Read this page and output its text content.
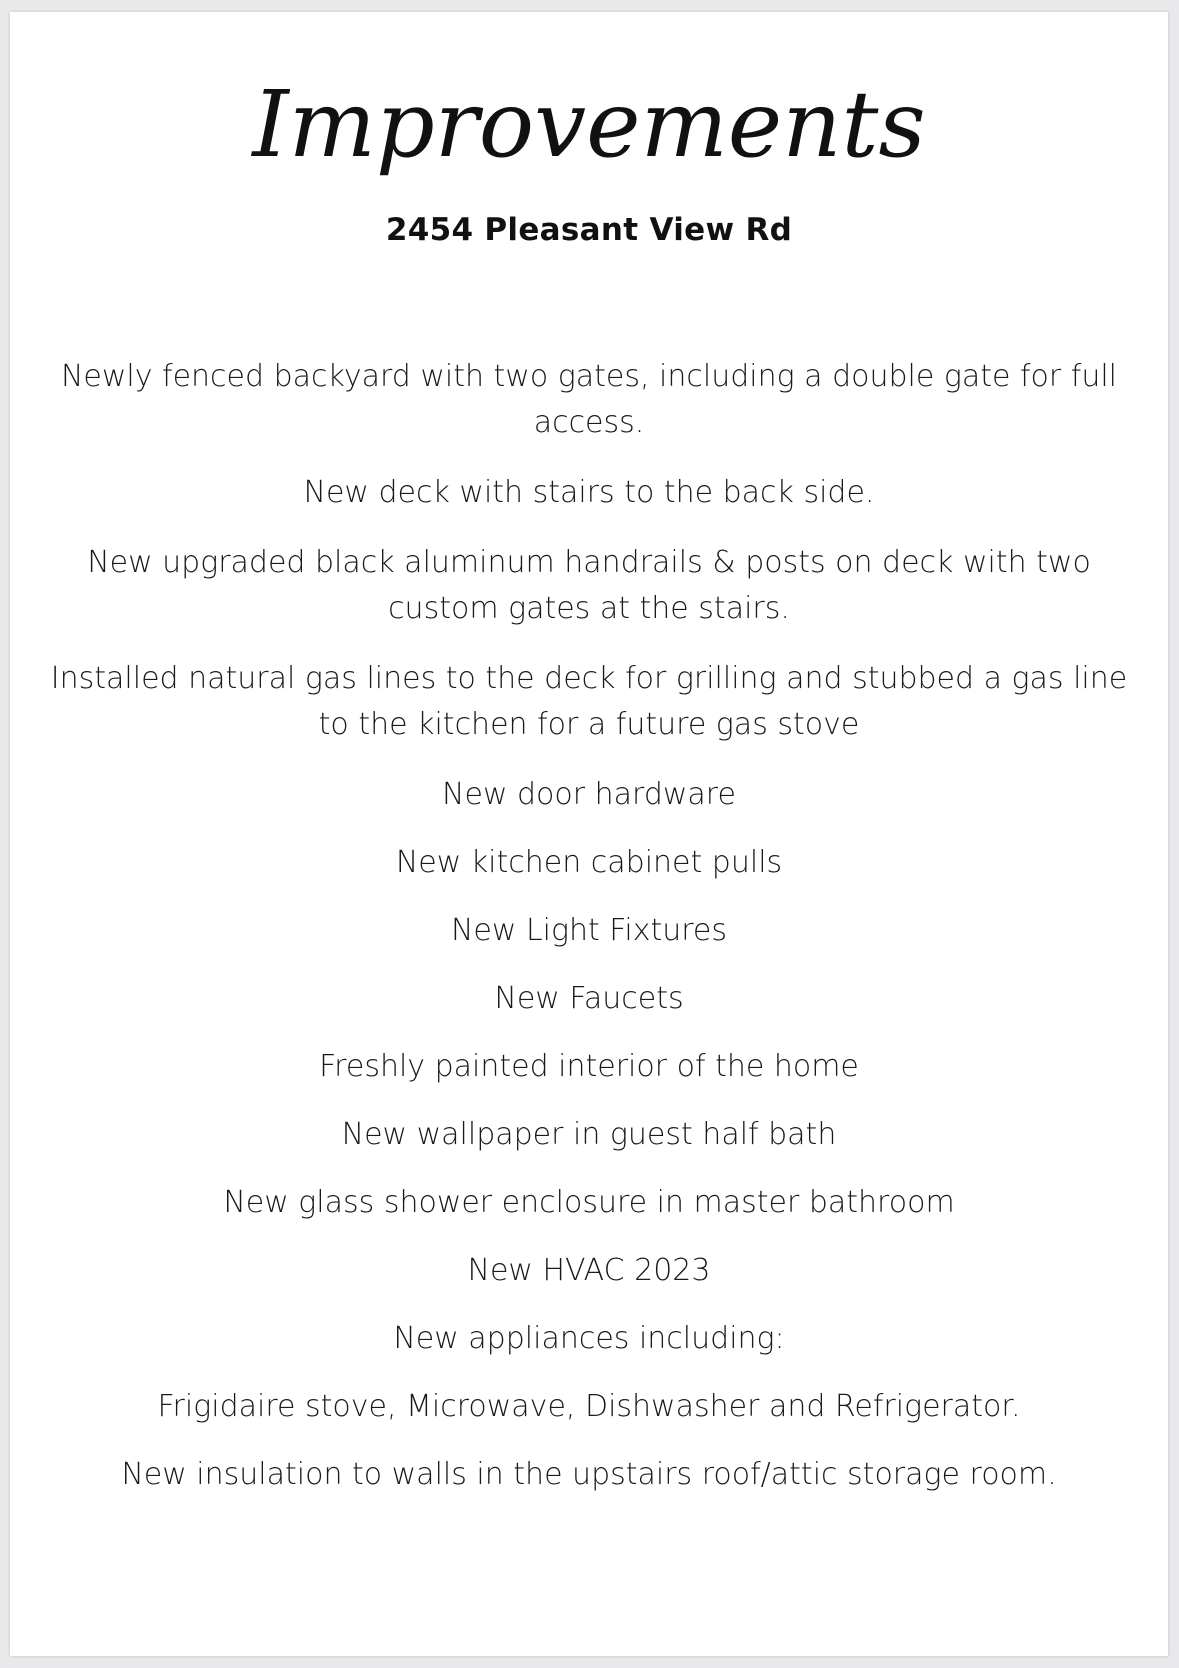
Improvements

2454 Pleasant View Rd

Newly fenced backyard with two gates, including a double gate for full access.
New deck with stairs to the back side.
New upgraded black aluminum handrails & posts on deck with two custom gates at the stairs.
Installed natural gas lines to the deck for grilling and stubbed a gas line to the kitchen for a future gas stove
New door hardware
New kitchen cabinet pulls
New Light Fixtures
New Faucets
Freshly painted interior of the home
New wallpaper in guest half bath
New glass shower enclosure in master bathroom
New HVAC 2023
New appliances including:
Frigidaire stove, Microwave, Dishwasher and Refrigerator.
New insulation to walls in the upstairs roof/attic storage room.
